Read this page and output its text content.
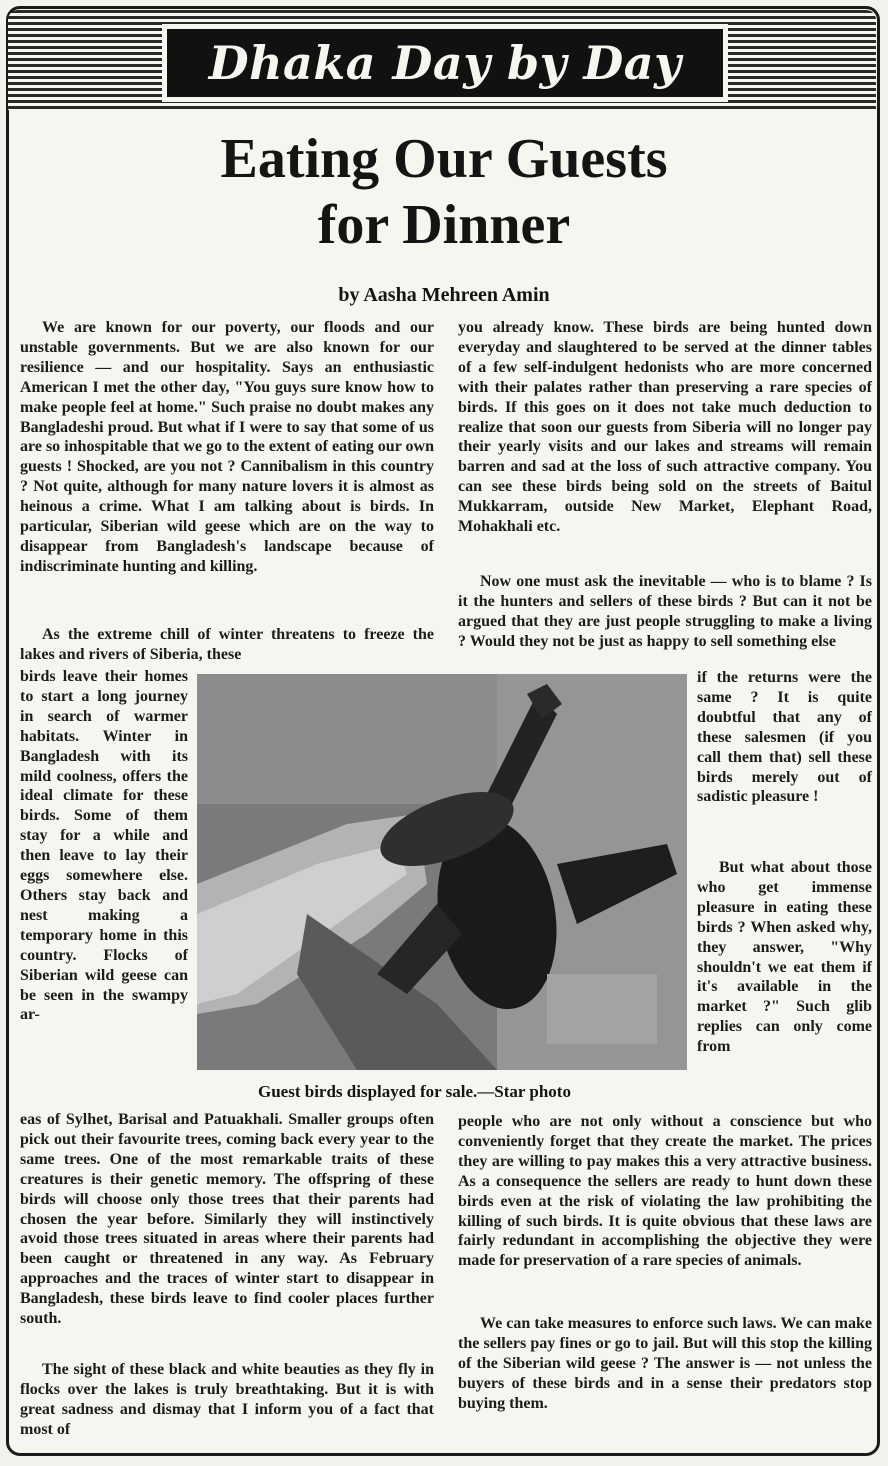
Dhaka Day by Day
Eating Our Guests
for Dinner
by Aasha Mehreen Amin

We are known for our poverty, our floods and our unstable governments. But we are also known for our resilience — and our hospitality. Says an enthusiastic American I met the other day, "You guys sure know how to make people feel at home." Such praise no doubt makes any Bangladeshi proud. But what if I were to say that some of us are so inhospitable that we go to the extent of eating our own guests ! Shocked, are you not ? Cannibalism in this country ? Not quite, although for many nature lovers it is almost as heinous a crime. What I am talking about is birds. In particular, Siberian wild geese which are on the way to disappear from Bangladesh's landscape because of indiscriminate hunting and killing.

As the extreme chill of winter threatens to freeze the lakes and rivers of Siberia, these

birds leave their homes to start a long journey in search of warmer habitats. Winter in Bangladesh with its mild coolness, offers the ideal climate for these birds. Some of them stay for a while and then leave to lay their eggs somewhere else. Others stay back and nest making a temporary home in this country. Flocks of Siberian wild geese can be seen in the swampy ar-

eas of Sylhet, Barisal and Patuakhali. Smaller groups often pick out their favourite trees, coming back every year to the same trees. One of the most remarkable traits of these creatures is their genetic memory. The offspring of these birds will choose only those trees that their parents had chosen the year before. Similarly they will instinctively avoid those trees situated in areas where their parents had been caught or threatened in any way. As February approaches and the traces of winter start to disappear in Bangladesh, these birds leave to find cooler places further south.

The sight of these black and white beauties as they fly in flocks over the lakes is truly breathtaking. But it is with great sadness and dismay that I inform you of a fact that most of

you already know. These birds are being hunted down everyday and slaughtered to be served at the dinner tables of a few self-indulgent hedonists who are more concerned with their palates rather than preserving a rare species of birds. If this goes on it does not take much deduction to realize that soon our guests from Siberia will no longer pay their yearly visits and our lakes and streams will remain barren and sad at the loss of such attractive company. You can see these birds being sold on the streets of Baitul Mukkarram, outside New Market, Elephant Road, Mohakhali etc.

Now one must ask the inevitable — who is to blame ? Is it the hunters and sellers of these birds ? But can it not be argued that they are just people struggling to make a living ? Would they not be just as happy to sell something else

if the returns were the same ? It is quite doubtful that any of these salesmen (if you call them that) sell these birds merely out of sadistic pleasure !

But what about those who get immense pleasure in eating these birds ? When asked why, they answer, "Why shouldn't we eat them if it's available in the market ?" Such glib replies can only come from

people who are not only without a conscience but who conveniently forget that they create the market. The prices they are willing to pay makes this a very attractive business. As a consequence the sellers are ready to hunt down these birds even at the risk of violating the law prohibiting the killing of such birds. It is quite obvious that these laws are fairly redundant in accomplishing the objective they were made for preservation of a rare species of animals.

We can take measures to enforce such laws. We can make the sellers pay fines or go to jail. But will this stop the killing of the Siberian wild geese ? The answer is — not unless the buyers of these birds and in a sense their predators stop buying them.

Guest birds displayed for sale.—Star photo
